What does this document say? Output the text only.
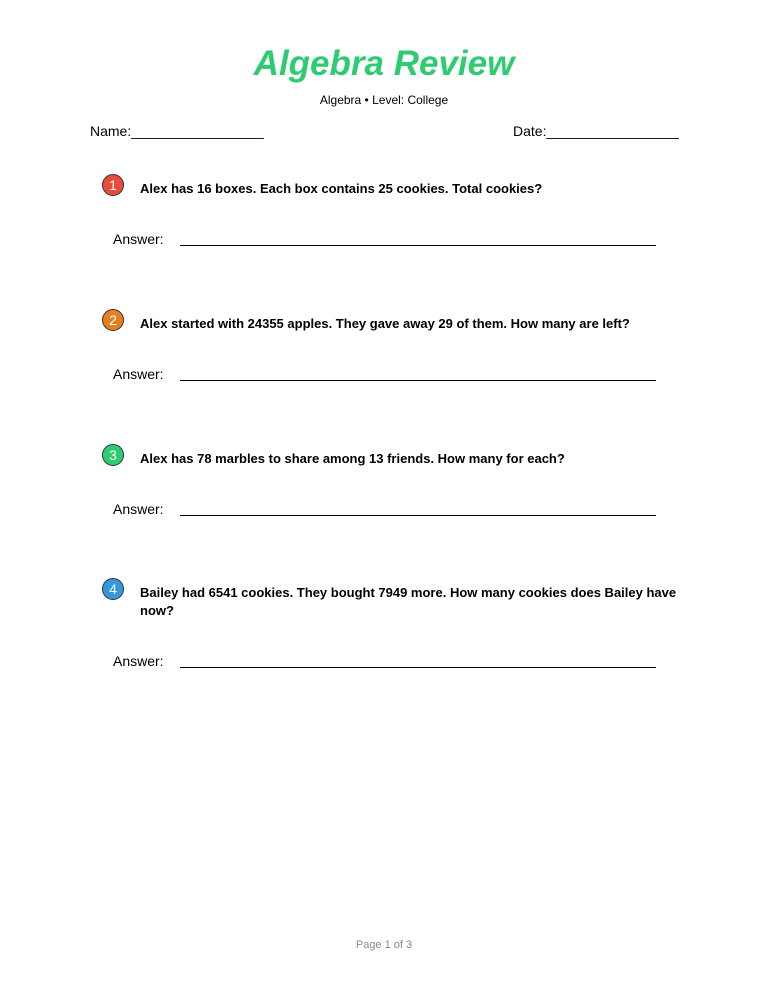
Algebra Review
Algebra • Level: College
Name:_________________	Date:_________________
1	Alex has 16 boxes. Each box contains 25 cookies. Total cookies?
Answer:
2	Alex started with 24355 apples. They gave away 29 of them. How many are left?
Answer:
3	Alex has 78 marbles to share among 13 friends. How many for each?
Answer:
4	Bailey had 6541 cookies. They bought 7949 more. How many cookies does Bailey have now?
Answer:
Page 1 of 3
